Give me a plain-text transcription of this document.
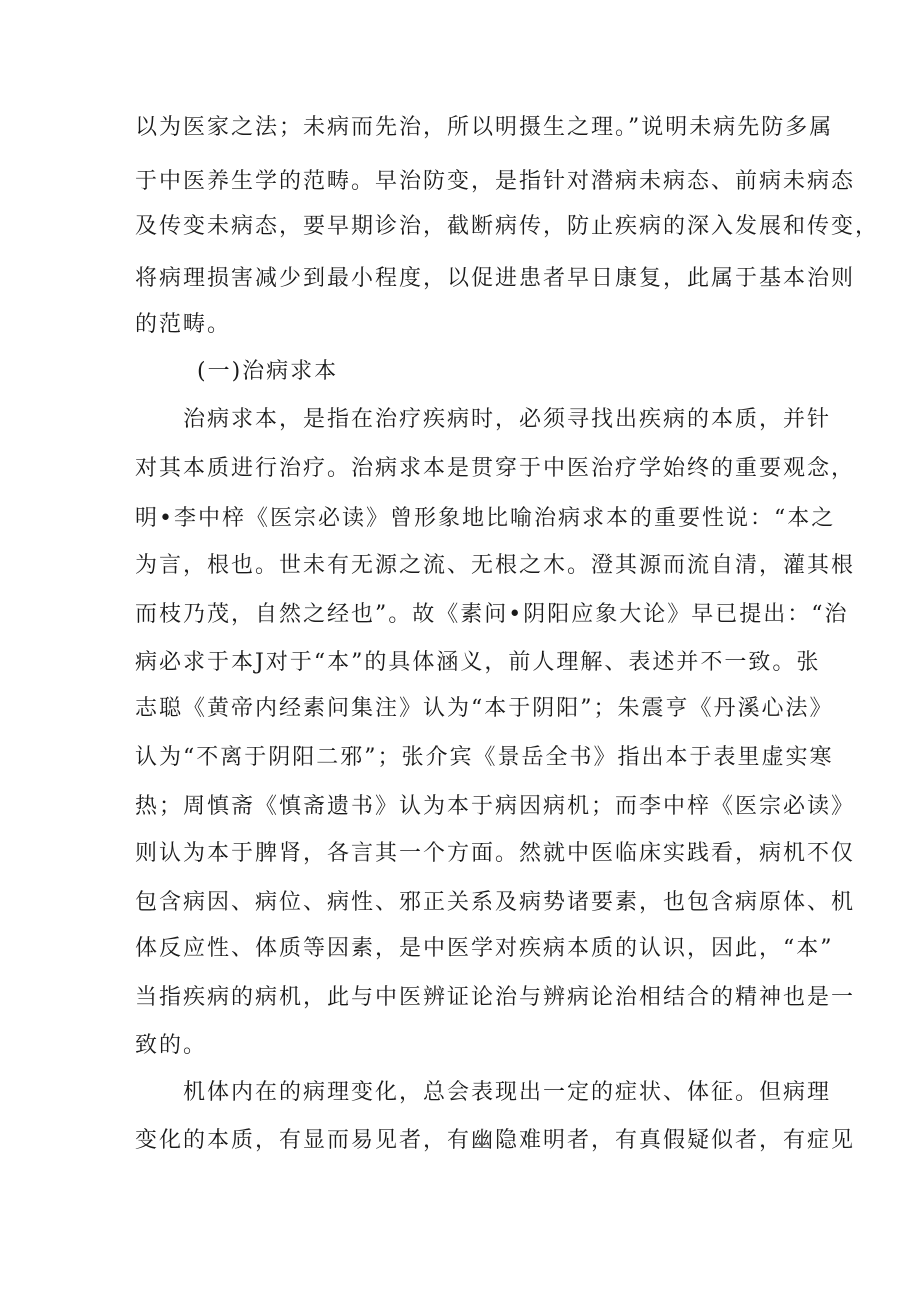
以为医家之法；未病而先治，所以明摄生之理。”说明未病先防多属

于中医养生学的范畴。早治防变，是指针对潜病未病态、前病未病态

及传变未病态，要早期诊治，截断病传，防止疾病的深入发展和传变，

将病理损害减少到最小程度，以促进患者早日康复，此属于基本治则

的范畴。

(一)治病求本

治病求本，是指在治疗疾病时，必须寻找出疾病的本质，并针

对其本质进行治疗。治病求本是贯穿于中医治疗学始终的重要观念，

明•李中梓《医宗必读》曾形象地比喻治病求本的重要性说：“本之

为言，根也。世未有无源之流、无根之木。澄其源而流自清，灌其根

而枝乃茂，自然之经也”。故《素问•阴阳应象大论》早已提出：“治

病必求于本J对于“本”的具体涵义，前人理解、表述并不一致。张

志聪《黄帝内经素问集注》认为“本于阴阳”；朱震亨《丹溪心法》

认为“不离于阴阳二邪”；张介宾《景岳全书》指出本于表里虚实寒

热；周慎斋《慎斋遗书》认为本于病因病机；而李中梓《医宗必读》

则认为本于脾肾，各言其一个方面。然就中医临床实践看，病机不仅

包含病因、病位、病性、邪正关系及病势诸要素，也包含病原体、机

体反应性、体质等因素，是中医学对疾病本质的认识，因此，“本”

当指疾病的病机，此与中医辨证论治与辨病论治相结合的精神也是一

致的。

机体内在的病理变化，总会表现出一定的症状、体征。但病理

变化的本质，有显而易见者，有幽隐难明者，有真假疑似者，有症见
